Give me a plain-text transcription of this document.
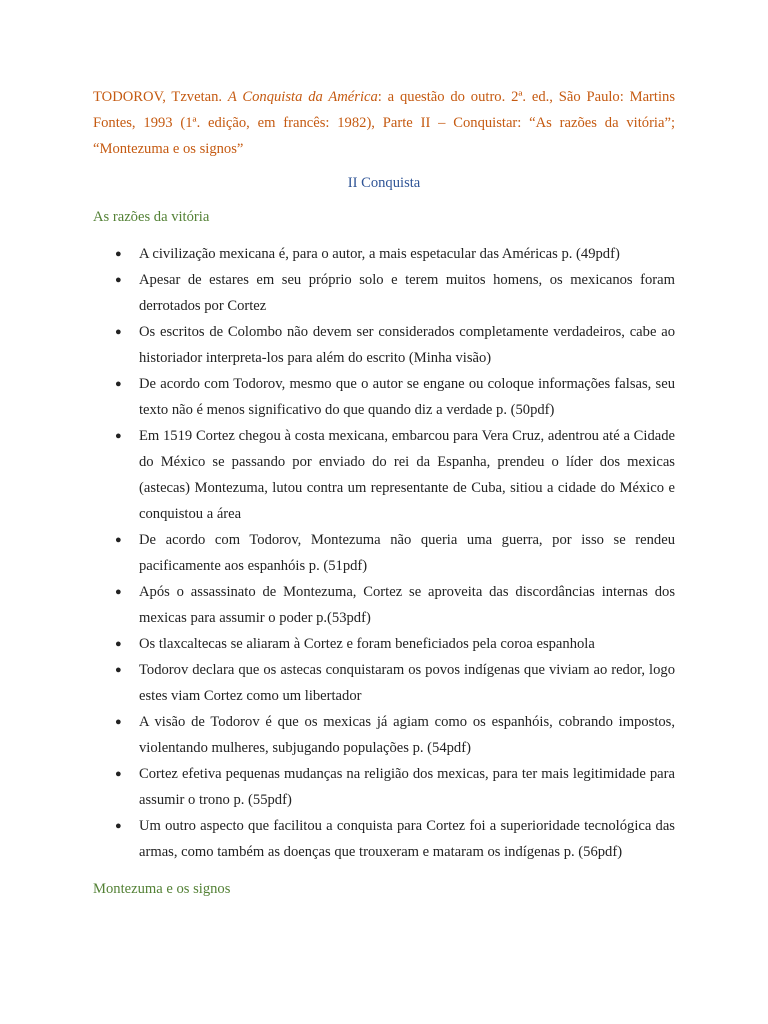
TODOROV, Tzvetan. A Conquista da América: a questão do outro. 2ª. ed., São Paulo: Martins Fontes, 1993 (1ª. edição, em francês: 1982), Parte II – Conquistar: “As razões da vitória”; “Montezuma e os signos”

II Conquista
As razões da vitória
● A civilização mexicana é, para o autor, a mais espetacular das Américas p. (49pdf)
● Apesar de estares em seu próprio solo e terem muitos homens, os mexicanos foram derrotados por Cortez
● Os escritos de Colombo não devem ser considerados completamente verdadeiros, cabe ao historiador interpreta-los para além do escrito (Minha visão)
● De acordo com Todorov, mesmo que o autor se engane ou coloque informações falsas, seu texto não é menos significativo do que quando diz a verdade p. (50pdf)
● Em 1519 Cortez chegou à costa mexicana, embarcou para Vera Cruz, adentrou até a Cidade do México se passando por enviado do rei da Espanha, prendeu o líder dos mexicas (astecas) Montezuma, lutou contra um representante de Cuba, sitiou a cidade do México e conquistou a área
● De acordo com Todorov, Montezuma não queria uma guerra, por isso se rendeu pacificamente aos espanhóis p. (51pdf)
● Após o assassinato de Montezuma, Cortez se aproveita das discordâncias internas dos mexicas para assumir o poder p.(53pdf)
● Os tlaxcaltecas se aliaram à Cortez e foram beneficiados pela coroa espanhola
● Todorov declara que os astecas conquistaram os povos indígenas que viviam ao redor, logo estes viam Cortez como um libertador
● A visão de Todorov é que os mexicas já agiam como os espanhóis, cobrando impostos, violentando mulheres, subjugando populações p. (54pdf)
● Cortez efetiva pequenas mudanças na religião dos mexicas, para ter mais legitimidade para assumir o trono p. (55pdf)
● Um outro aspecto que facilitou a conquista para Cortez foi a superioridade tecnológica das armas, como também as doenças que trouxeram e mataram os indígenas p. (56pdf)
Montezuma e os signos
